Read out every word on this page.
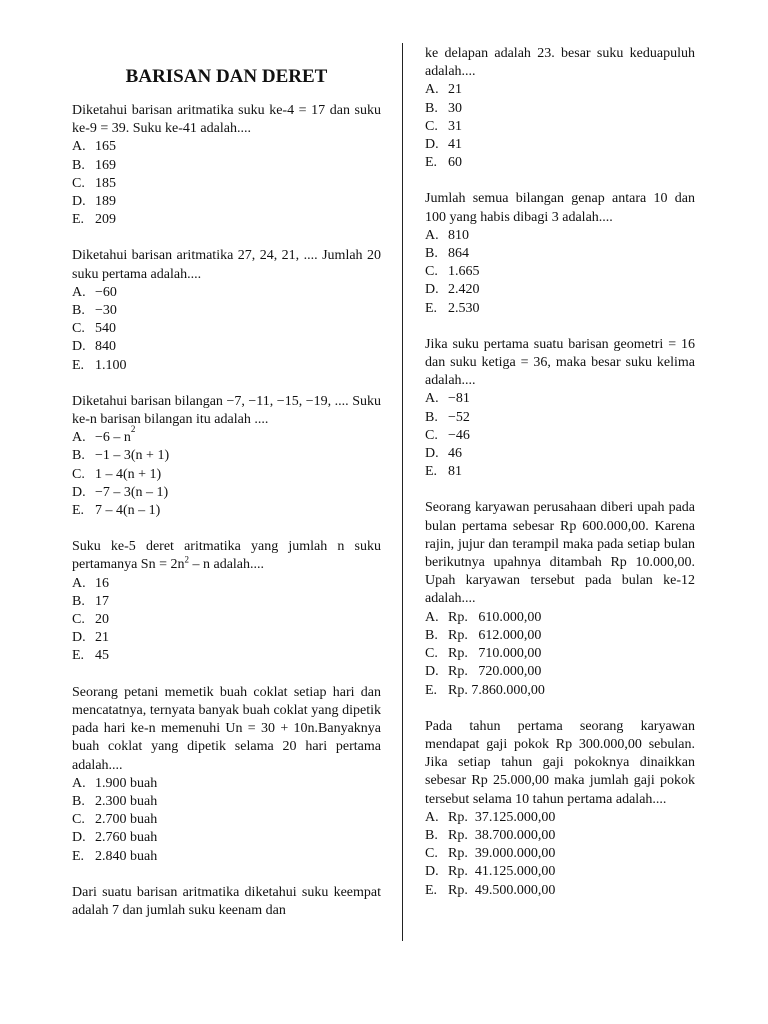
BARISAN DAN DERET

Diketahui barisan aritmatika suku ke-4 = 17 dan suku ke-9 = 39. Suku ke-41 adalah....

A. 165
B. 169
C. 185
D. 189
E. 209

Diketahui barisan aritmatika 27, 24, 21, .... Jumlah 20 suku pertama adalah....

A. −60
B. −30
C. 540
D. 840
E. 1.100

Diketahui barisan bilangan −7, −11, −15, −19, .... Suku ke-n barisan bilangan itu adalah ....

A. −6 – n
2
B. −1 – 3(n + 1)
C. 1 – 4(n + 1)
D. −7 – 3(n – 1)
E. 7 – 4(n – 1)

Suku ke-5 deret aritmatika yang jumlah n suku pertamanya $Sn = 2n^2 - n$ adalah....

A. 16
B. 17
C. 20
D. 21
E. 45

Seorang petani memetik buah coklat setiap hari dan mencatatnya, ternyata banyak buah coklat yang dipetik pada hari ke-n memenuhi Un = 30 + 10n.Banyaknya buah coklat yang dipetik selama 20 hari pertama adalah....

A. 1.900 buah
B. 2.300 buah
C. 2.700 buah
D. 2.760 buah
E. 2.840 buah

Dari suatu barisan aritmatika diketahui suku keempat adalah 7 dan jumlah suku keenam dan

ke delapan adalah 23. besar suku keduapuluh adalah....

A. 21
B. 30
C. 31
D. 41
E. 60

Jumlah semua bilangan genap antara 10 dan 100 yang habis dibagi 3 adalah....

A. 810
B. 864
C. 1.665
D. 2.420
E. 2.530

Jika suku pertama suatu barisan geometri = 16 dan suku ketiga = 36, maka besar suku kelima adalah....

A. −81
B. −52
C. −46
D. 46
E. 81

Seorang karyawan perusahaan diberi upah pada bulan pertama sebesar Rp 600.000,00. Karena rajin, jujur dan terampil maka pada setiap bulan berikutnya upahnya ditambah Rp 10.000,00. Upah karyawan tersebut pada bulan ke-12 adalah....

A. Rp.   610.000,00
B. Rp.   612.000,00
C. Rp.   710.000,00
D. Rp.   720.000,00
E. Rp. 7.860.000,00

Pada tahun pertama seorang karyawan mendapat gaji pokok Rp 300.000,00 sebulan. Jika setiap tahun gaji pokoknya dinaikkan sebesar Rp 25.000,00 maka jumlah gaji pokok tersebut selama 10 tahun pertama adalah....

A. Rp.  37.125.000,00
B. Rp.  38.700.000,00
C. Rp.  39.000.000,00
D. Rp.  41.125.000,00
E. Rp.  49.500.000,00
